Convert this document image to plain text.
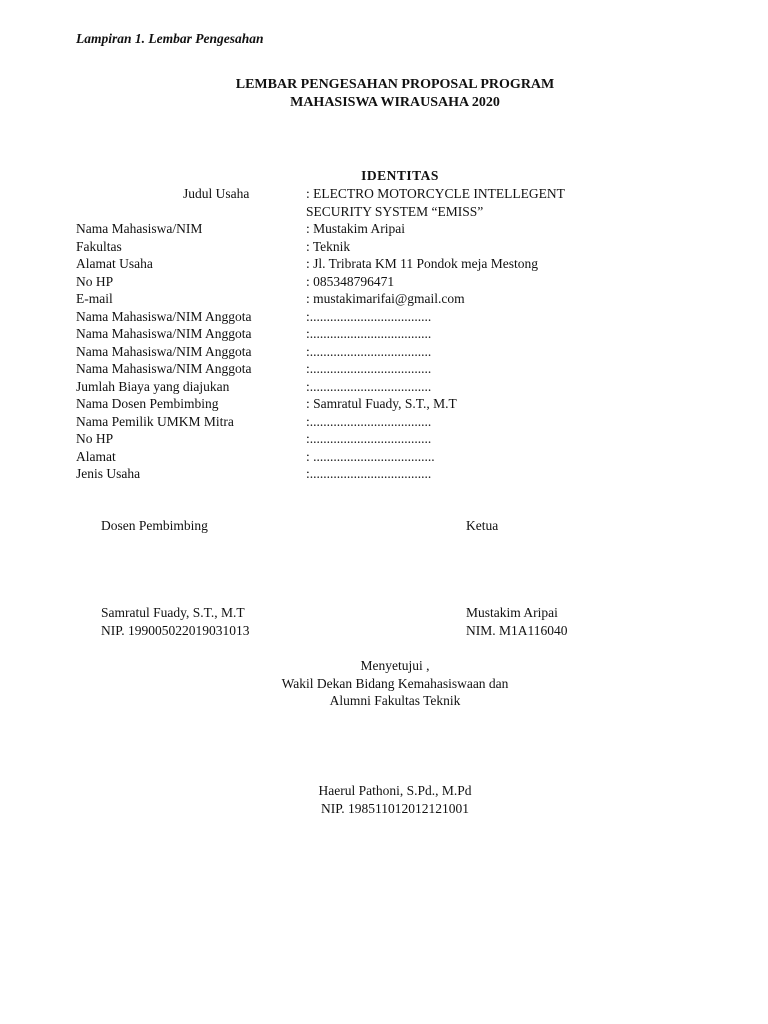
Lampiran 1. Lembar Pengesahan
LEMBAR PENGESAHAN PROPOSAL PROGRAM
MAHASISWA WIRAUSAHA 2020
IDENTITAS
Judul Usaha	: ELECTRO MOTORCYCLE INTELLEGENT
SECURITY SYSTEM “EMISS”
Nama Mahasiswa/NIM	: Mustakim Aripai
Fakultas	: Teknik
Alamat Usaha	: Jl. Tribrata KM 11 Pondok meja Mestong
No HP	: 085348796471
E-mail	: mustakimarifai@gmail.com
Nama Mahasiswa/NIM Anggota	:....................................
Nama Mahasiswa/NIM Anggota	:....................................
Nama Mahasiswa/NIM Anggota	:....................................
Nama Mahasiswa/NIM Anggota	:....................................
Jumlah Biaya yang diajukan	:....................................
Nama Dosen Pembimbing	: Samratul Fuady, S.T., M.T
Nama Pemilik UMKM Mitra	:....................................
No HP	:....................................
Alamat	: ....................................
Jenis Usaha	:....................................
Dosen Pembimbing	Ketua
Samratul Fuady, S.T., M.T
NIP. 199005022019031013
Mustakim Aripai
NIM. M1A116040
Menyetujui ,
Wakil Dekan Bidang Kemahasiswaan dan
Alumni Fakultas Teknik
Haerul Pathoni, S.Pd., M.Pd
NIP. 198511012012121001
